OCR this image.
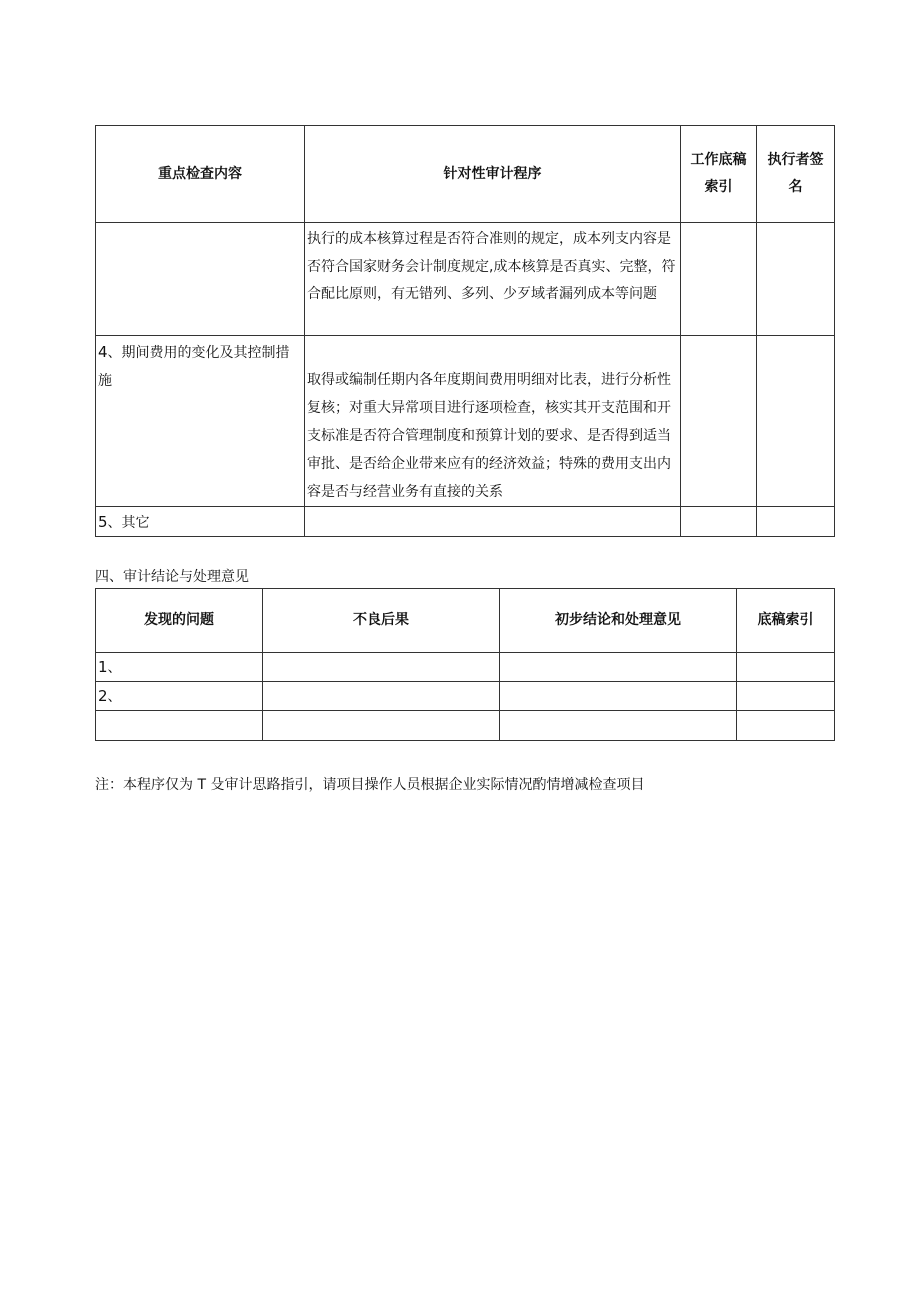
重点检查内容	针对性审计程序	工作底稿索引	执行者签名
	执行的成本核算过程是否符合准则的规定，成本列支内容是否符合国家财务会计制度规定,成本核算是否真实、完整，符合配比原则，有无错列、多列、少歹域者漏列成本等问题		
4、期间费用的变化及其控制措施	取得或编制任期内各年度期间费用明细对比表，进行分析性复核；对重大异常项目进行逐项检查，核实其开支范围和开支标准是否符合管理制度和预算计划的要求、是否得到适当审批、是否给企业带来应有的经济效益；特殊的费用支出内容是否与经营业务有直接的关系		
5、其它			
四、审计结论与处理意见
发现的问题	不良后果	初步结论和处理意见	底稿索引
1、			
2、			

注：本程序仅为 T 殳审计思路指引，请项目操作人员根据企业实际情况酌情增减检查项目
